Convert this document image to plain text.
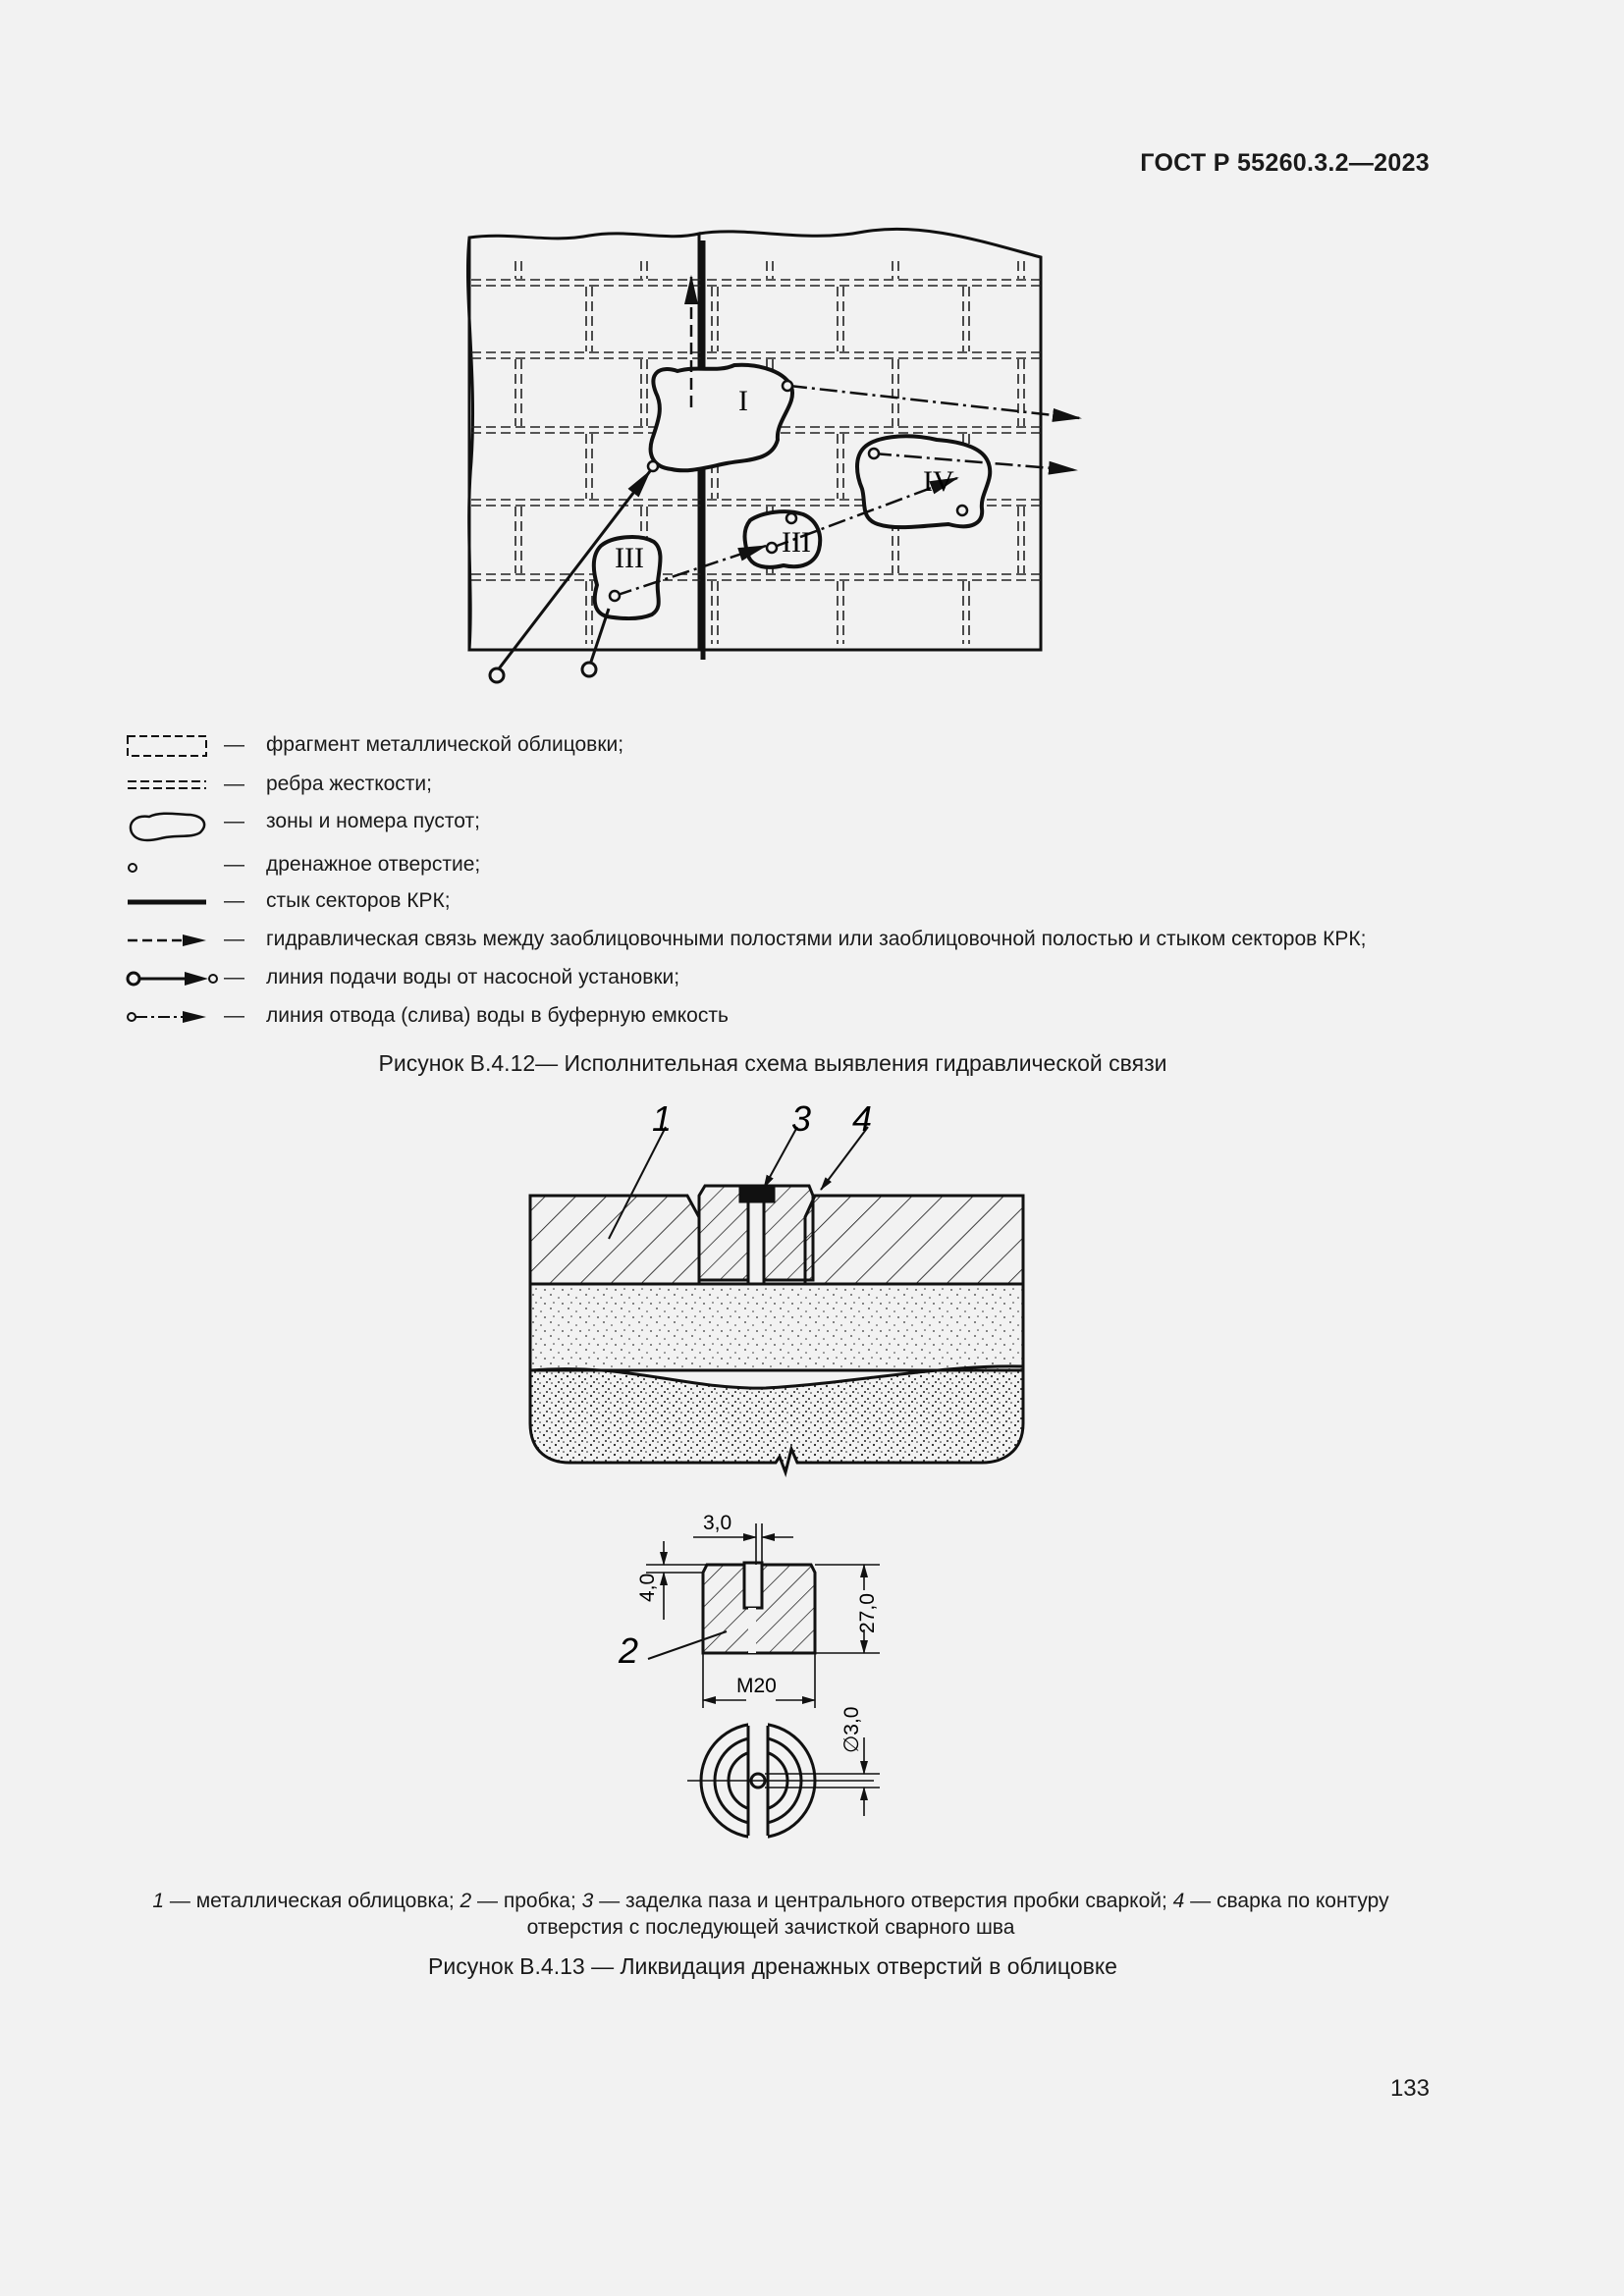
ГОСТ Р 55260.3.2—2023
I
IV
III
III
— фрагмент металлической облицовки;
— ребра жесткости;
— зоны и номера пустот;
— дренажное отверстие;
— стык секторов КРК;
— гидравлическая связь между заоблицовочными полостями или заоблицовочной полостью и стыком секторов КРК;
— линия подачи воды от насосной установки;
— линия отвода (слива) воды в буферную емкость
Рисунок В.4.12— Исполнительная схема выявления гидравлической связи
1	3 4
2
3,0
4,0
27,0
M20
∅3,0
1 — металлическая облицовка; 2 — пробка; 3 — заделка паза и центрального отверстия пробки сваркой; 4 — сварка по контуру отверстия с последующей зачисткой сварного шва
Рисунок В.4.13 — Ликвидация дренажных отверстий в облицовке
133
